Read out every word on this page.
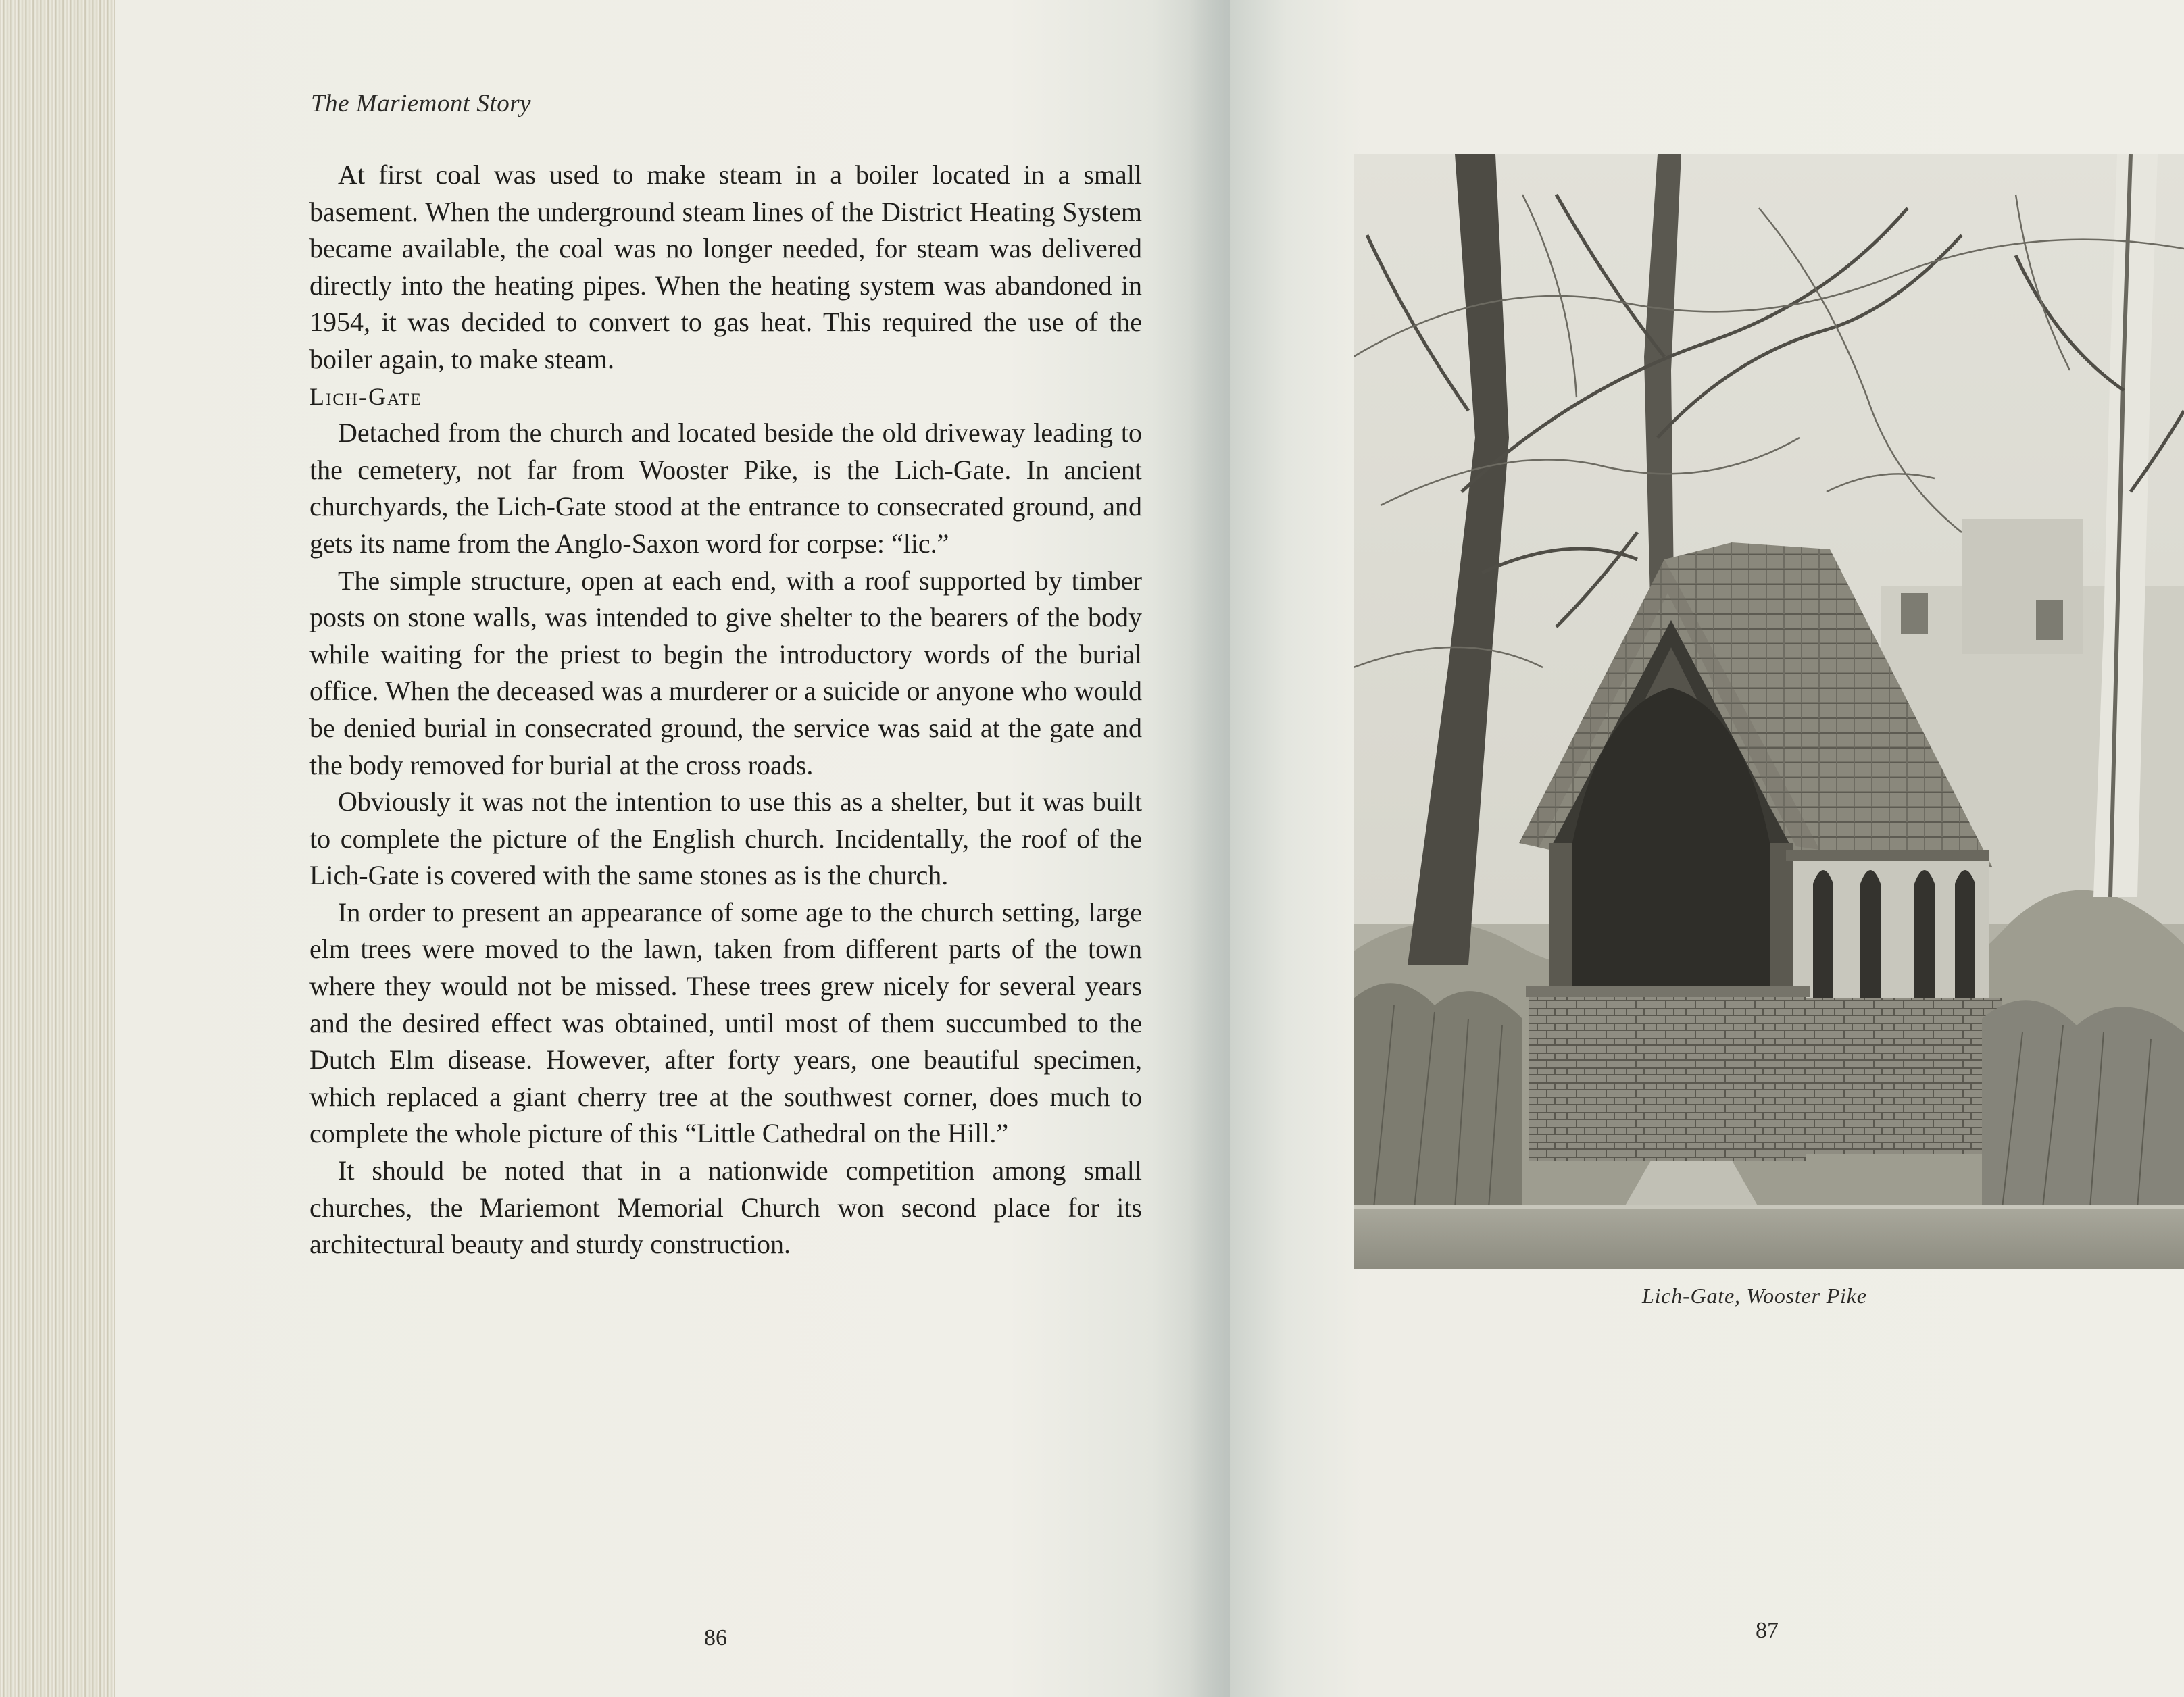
The Mariemont Story

At first coal was used to make steam in a boiler located in a small basement. When the underground steam lines of the District Heating System became available, the coal was no longer needed, for steam was delivered directly into the heating pipes. When the heating system was abandoned in 1954, it was decided to convert to gas heat. This required the use of the boiler again, to make steam.

Lich-Gate

Detached from the church and located beside the old driveway leading to the cemetery, not far from Wooster Pike, is the Lich-Gate. In ancient churchyards, the Lich-Gate stood at the entrance to consecrated ground, and gets its name from the Anglo-Saxon word for corpse: “lic.”

The simple structure, open at each end, with a roof supported by timber posts on stone walls, was intended to give shelter to the bearers of the body while waiting for the priest to begin the introductory words of the burial office. When the deceased was a murderer or a suicide or anyone who would be denied burial in consecrated ground, the service was said at the gate and the body removed for burial at the cross roads.

Obviously it was not the intention to use this as a shelter, but it was built to complete the picture of the English church. Incidentally, the roof of the Lich-Gate is covered with the same stones as is the church.

In order to present an appearance of some age to the church setting, large elm trees were moved to the lawn, taken from different parts of the town where they would not be missed. These trees grew nicely for several years and the desired effect was obtained, until most of them succumbed to the Dutch Elm disease. However, after forty years, one beautiful specimen, which replaced a giant cherry tree at the southwest corner, does much to complete the whole picture of this “Little Cathedral on the Hill.”

It should be noted that in a nationwide competition among small churches, the Mariemont Memorial Church won second place for its architectural beauty and sturdy construction.

86
Lich-Gate, Wooster Pike
87
